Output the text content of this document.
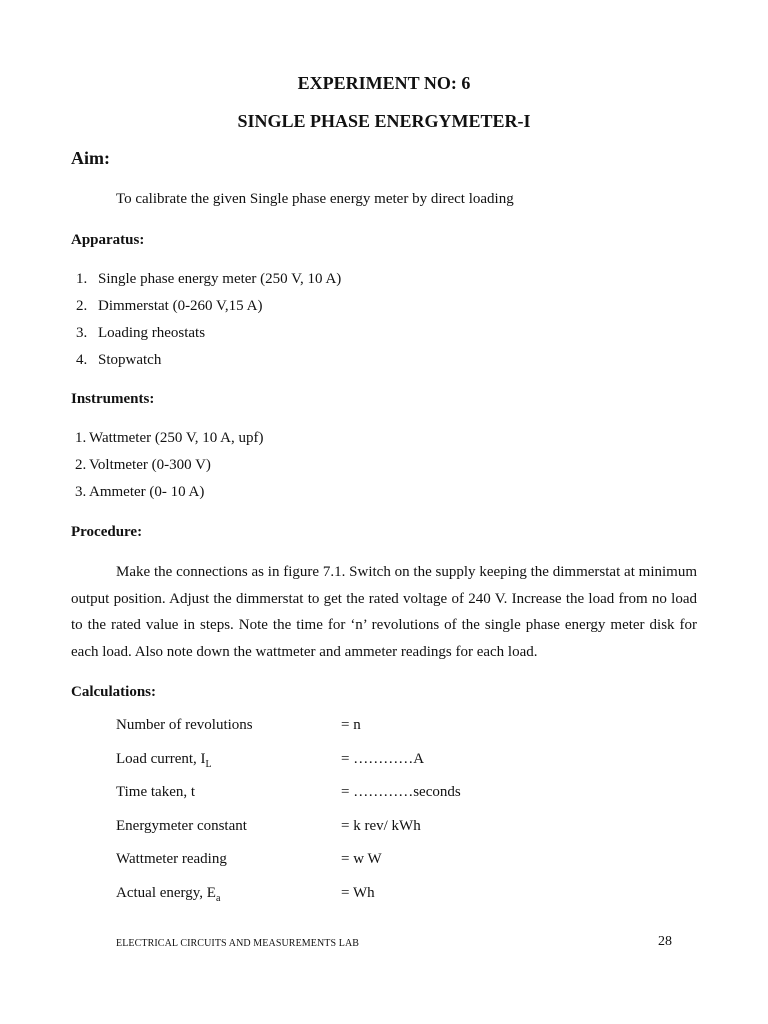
EXPERIMENT NO: 6
SINGLE PHASE ENERGYMETER-I
Aim:
To calibrate the given Single phase energy meter by direct loading
Apparatus:
1. Single phase energy meter (250 V, 10 A)
2. Dimmerstat (0-260 V,15 A)
3. Loading rheostats
4. Stopwatch
Instruments:
1. Wattmeter (250 V, 10 A, upf)
2. Voltmeter (0-300 V)
3. Ammeter (0- 10 A)
Procedure:
Make the connections as in figure 7.1. Switch on the supply keeping the dimmerstat at minimum output position. Adjust the dimmerstat to get the rated voltage of 240 V. Increase the load from no load to the rated value in steps. Note the time for ‘n’ revolutions of the single phase energy meter disk for each load. Also note down the wattmeter and ammeter readings for each load.
Calculations:
Number of revolutions	= n
Load current, $I_L$	= …………A
Time taken, t	= …………seconds
Energymeter constant	= k rev/ kWh
Wattmeter reading	= w W
Actual energy, $E_a$	= Wh
ELECTRICAL CIRCUITS AND MEASUREMENTS LAB	28
